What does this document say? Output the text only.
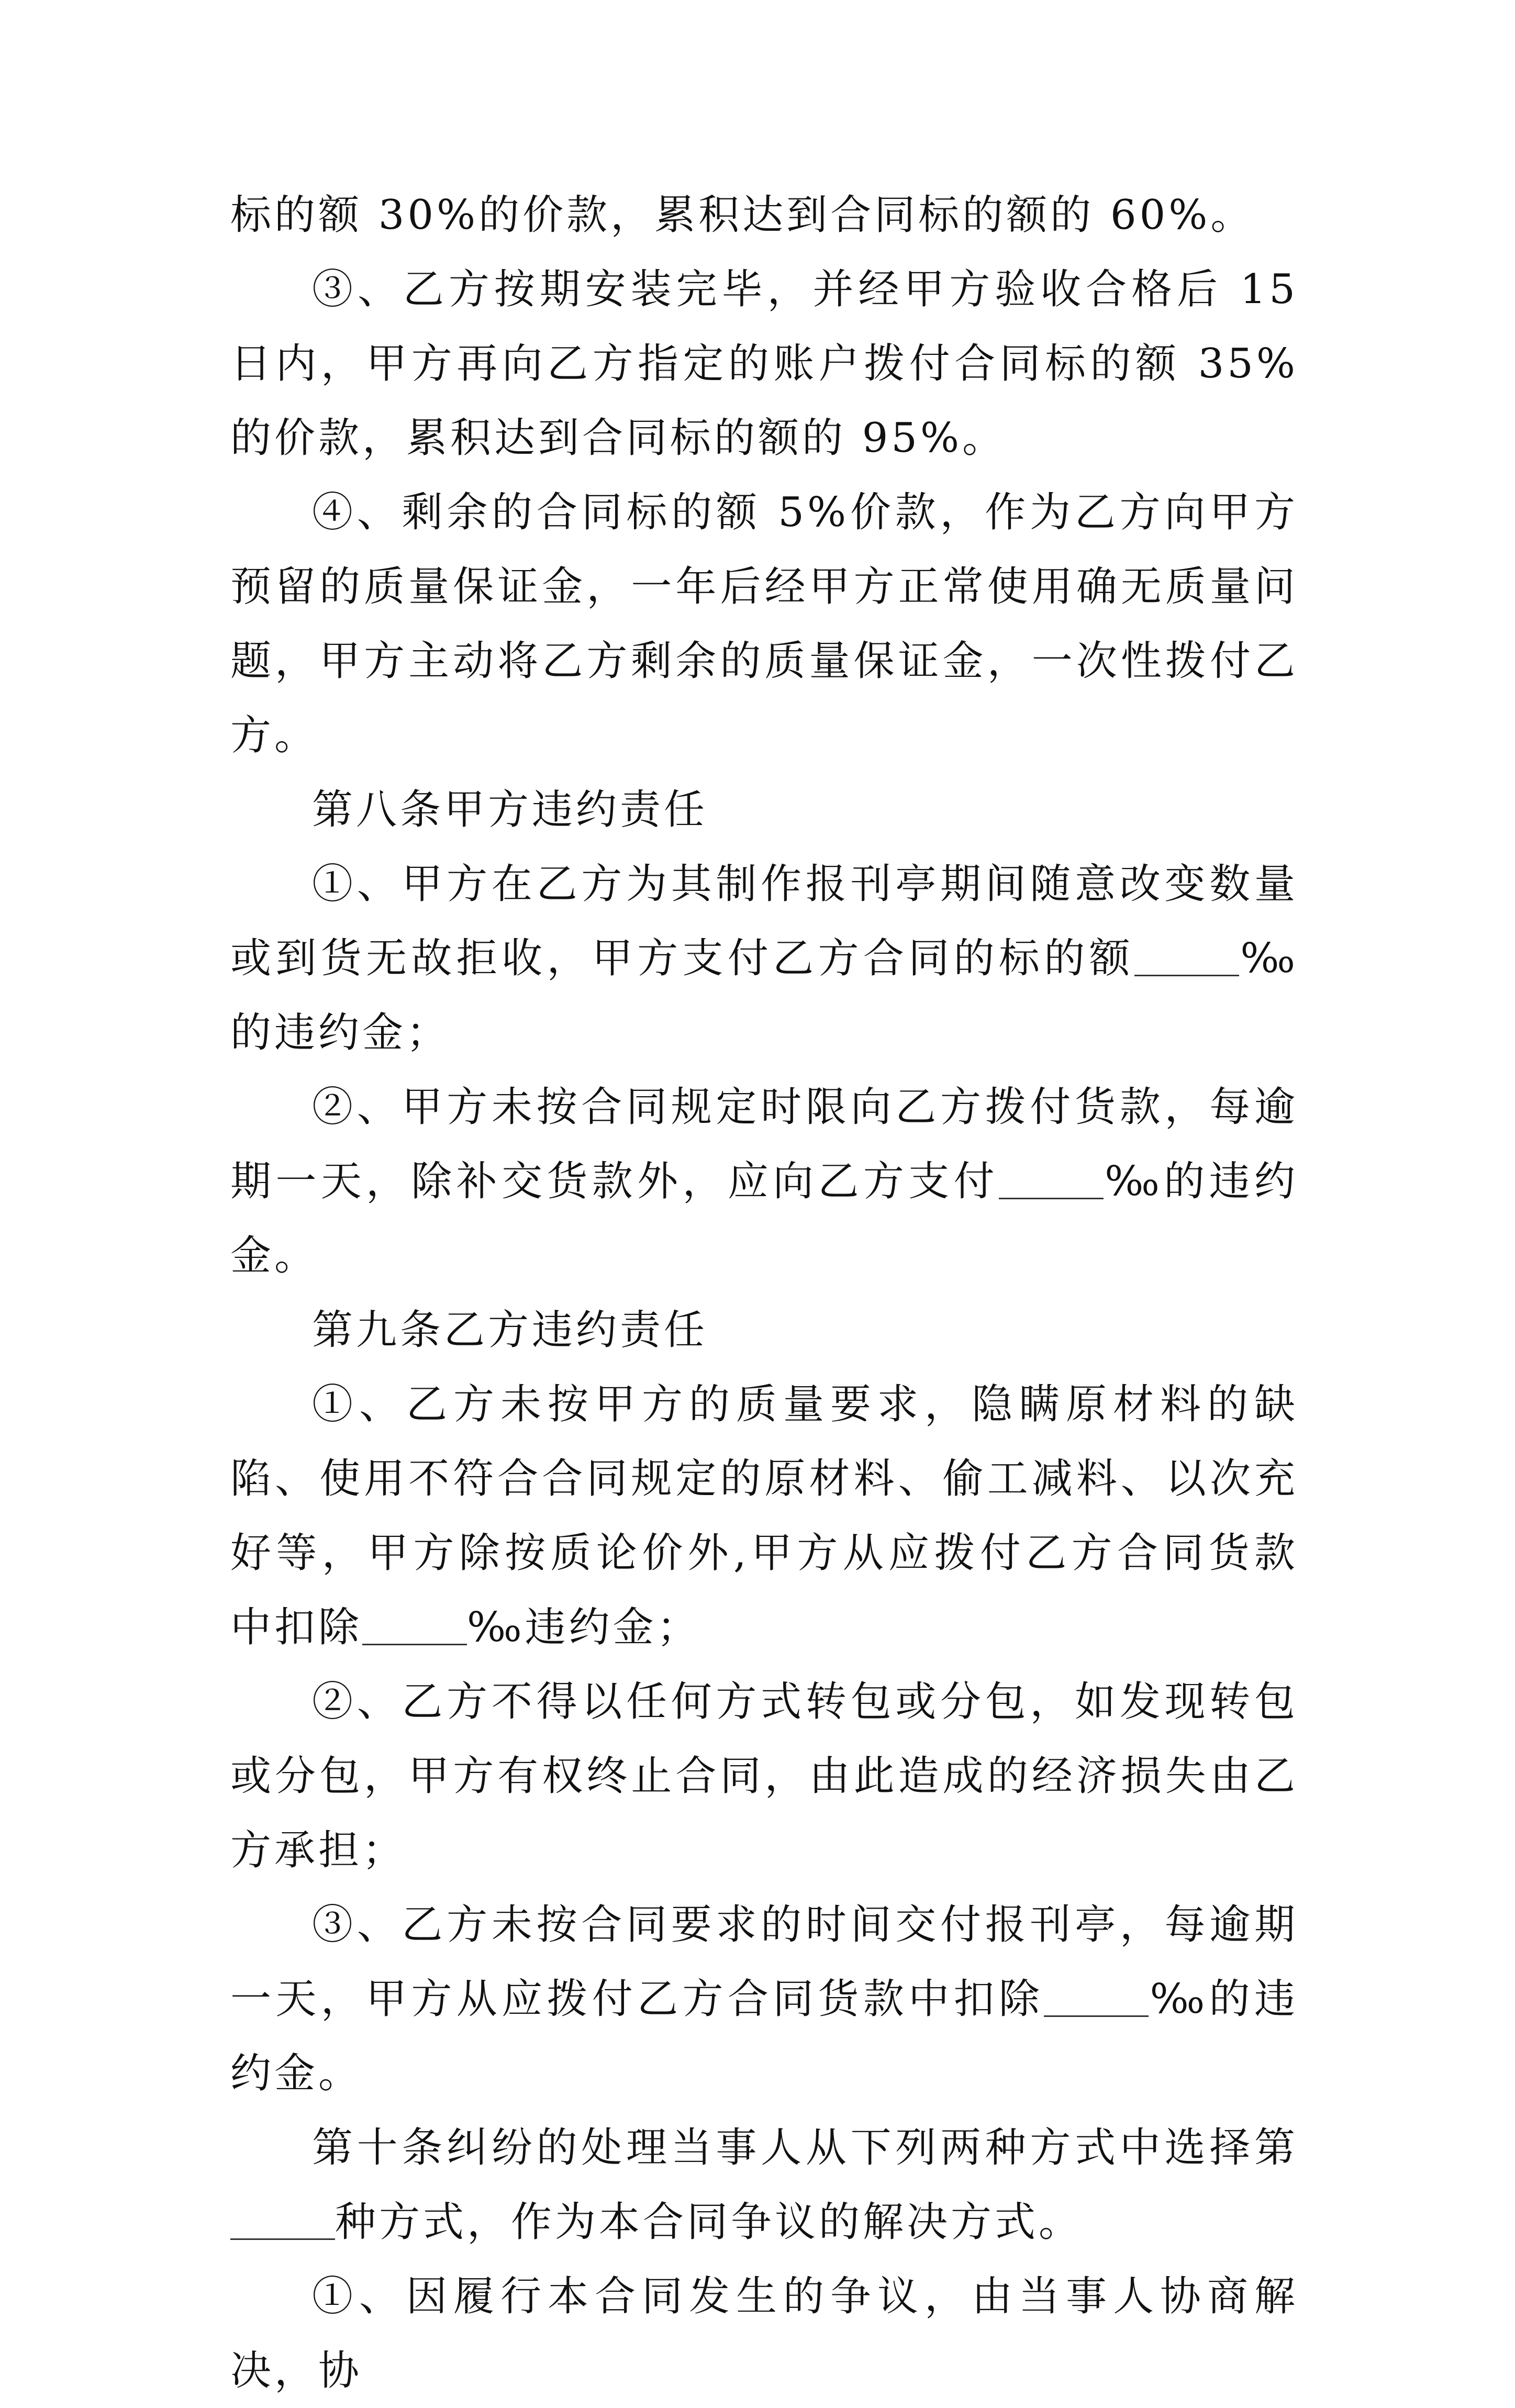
标的额 30%的价款，累积达到合同标的额的 60%。

③、乙方按期安装完毕，并经甲方验收合格后 15 日内，甲方再向乙方指定的账户拨付合同标的额 35%的价款，累积达到合同标的额的 95%。

④、剩余的合同标的额 5%价款，作为乙方向甲方预留的质量保证金，一年后经甲方正常使用确无质量问题，甲方主动将乙方剩余的质量保证金，一次性拨付乙方。

第八条甲方违约责任

①、甲方在乙方为其制作报刊亭期间随意改变数量或到货无故拒收，甲方支付乙方合同的标的额	‰的违约金；

②、甲方未按合同规定时限向乙方拨付货款，每逾期一天，除补交货款外，应向乙方支付	‰的违约金。

第九条乙方违约责任

①、乙方未按甲方的质量要求，隐瞒原材料的缺陷、使用不符合合同规定的原材料、偷工减料、以次充好等，甲方除按质论价外,甲方从应拨付乙方合同货款中扣除	‰违约金；

②、乙方不得以任何方式转包或分包，如发现转包或分包，甲方有权终止合同，由此造成的经济损失由乙方承担；

③、乙方未按合同要求的时间交付报刊亭，每逾期一天，甲方从应拨付乙方合同货款中扣除	‰的违约金。

第十条纠纷的处理当事人从下列两种方式中选择第种方式，作为本合同争议的解决方式。

①、因履行本合同发生的争议，由当事人协商解决，协
